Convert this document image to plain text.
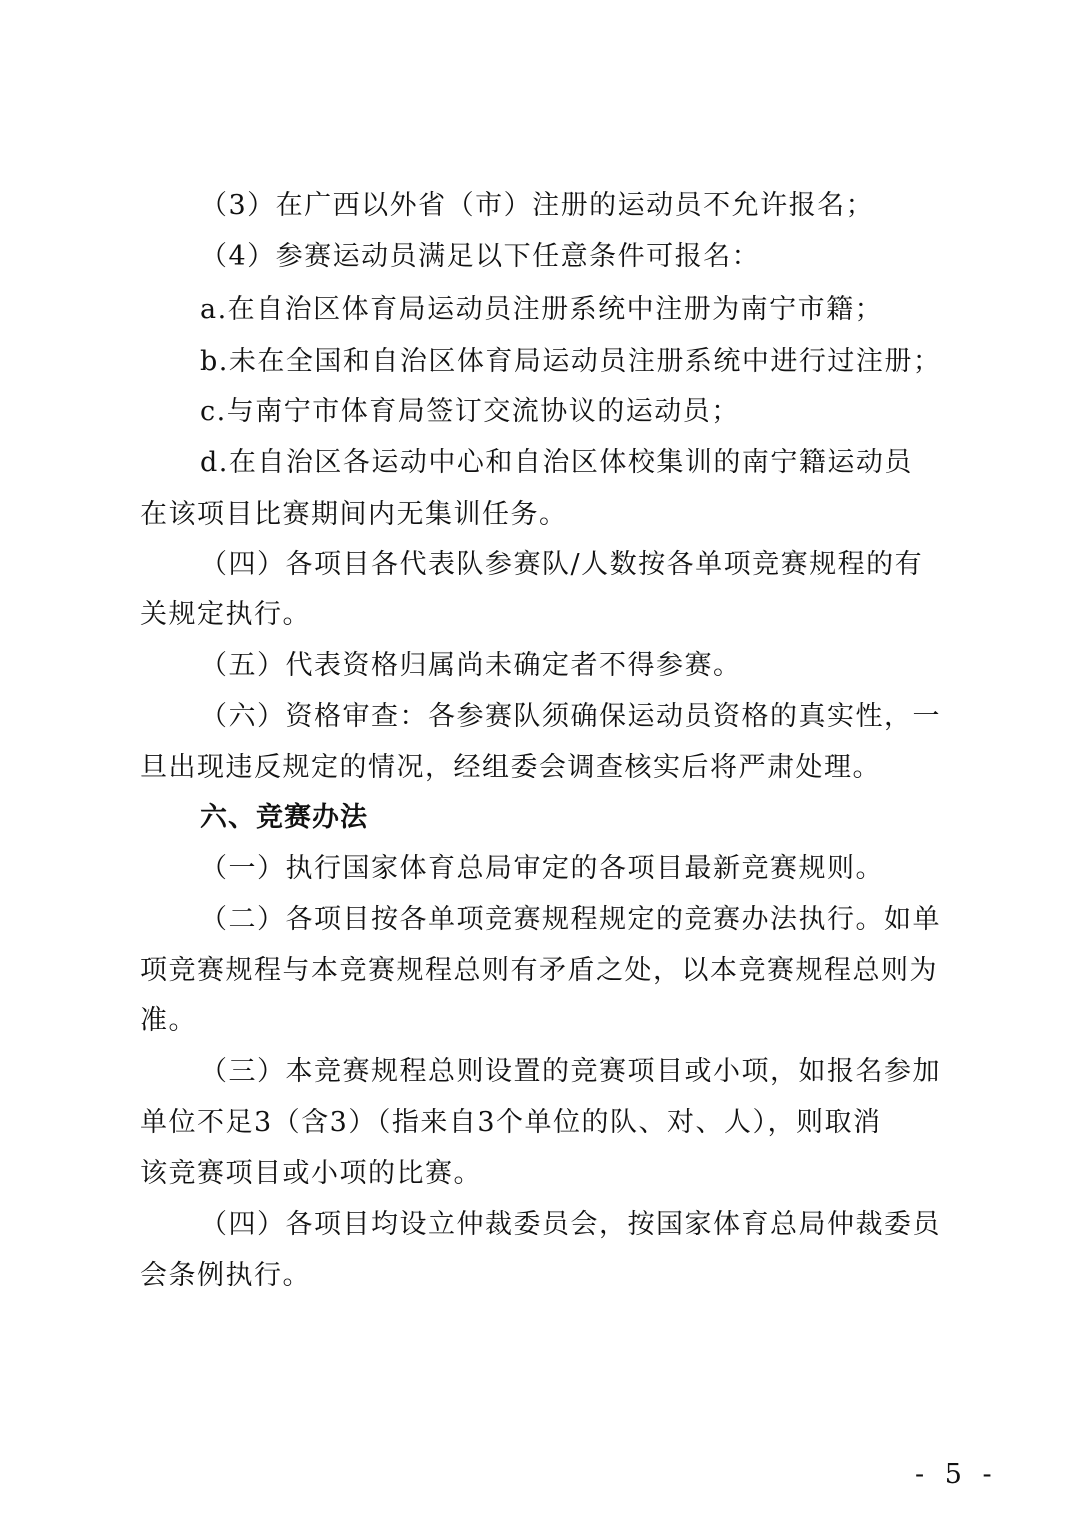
（3）在广西以外省（市）注册的运动员不允许报名；
（4）参赛运动员满足以下任意条件可报名：
a.在自治区体育局运动员注册系统中注册为南宁市籍；
b.未在全国和自治区体育局运动员注册系统中进行过注册；
c.与南宁市体育局签订交流协议的运动员；
d.在自治区各运动中心和自治区体校集训的南宁籍运动员
在该项目比赛期间内无集训任务。
（四）各项目各代表队参赛队/人数按各单项竞赛规程的有
关规定执行。
（五）代表资格归属尚未确定者不得参赛。
（六）资格审查：各参赛队须确保运动员资格的真实性，一
旦出现违反规定的情况，经组委会调查核实后将严肃处理。
六、竞赛办法
（一）执行国家体育总局审定的各项目最新竞赛规则。
（二）各项目按各单项竞赛规程规定的竞赛办法执行。如单
项竞赛规程与本竞赛规程总则有矛盾之处，以本竞赛规程总则为
准。
（三）本竞赛规程总则设置的竞赛项目或小项，如报名参加
单位不足3（含3）（指来自3个单位的队、对、人），则取消
该竞赛项目或小项的比赛。
（四）各项目均设立仲裁委员会，按国家体育总局仲裁委员
会条例执行。
- 5 -
